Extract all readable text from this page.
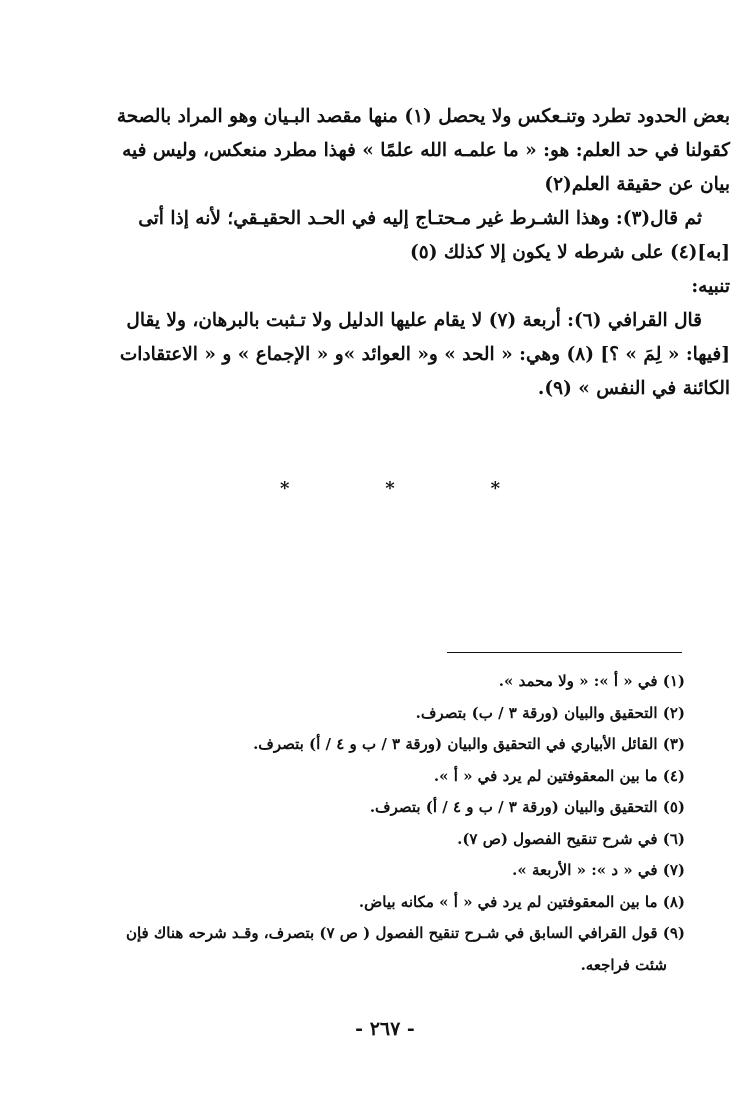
بعض الحدود تطرد وتنـعكس ولا يحصل (١) منها مقصد البـيان وهو المراد بالصحة

كقولنا في حد العلم: هو: « ما علمـه الله علمًا » فهذا مطرد منعكس، وليس فيه

بيان عن حقيقة العلم(٢)

ثم قال(٣): وهذا الشـرط غير مـحتـاج إليه في الحـد الحقيـقي؛ لأنه إذا أتى

[به](٤) على شرطه لا يكون إلا كذلك (٥)

تنبيه:

قال القرافي (٦): أربعة (٧) لا يقام عليها الدليل ولا تـثبت بالبرهان، ولا يقال

[فيها: « لِمَ » ؟] (٨) وهي: « الحد » و« العوائد »و « الإجماع » و « الاعتقادات

الكائنة في النفس » (٩).

*	*	*

(١) في « أ »: « ولا محمد ».

(٢) التحقيق والبيان (ورقة ٣ / ب) بتصرف.

(٣) القائل الأبياري في التحقيق والبيان (ورقة ٣ / ب و ٤ / أ) بتصرف.

(٤) ما بين المعقوفتين لم يرد في « أ ».

(٥) التحقيق والبيان (ورقة ٣ / ب و ٤ / أ) بتصرف.

(٦) في شرح تنقيح الفصول (ص ٧).

(٧) في « د »: « الأربعة ».

(٨) ما بين المعقوفتين لم يرد في « أ » مكانه بياض.

(٩) قول القرافي السابق في شـرح تنقيح الفصول ( ص ٧) بتصرف، وقـد شرحه هناك فإن

شئت فراجعه.

- ٢٦٧ -
